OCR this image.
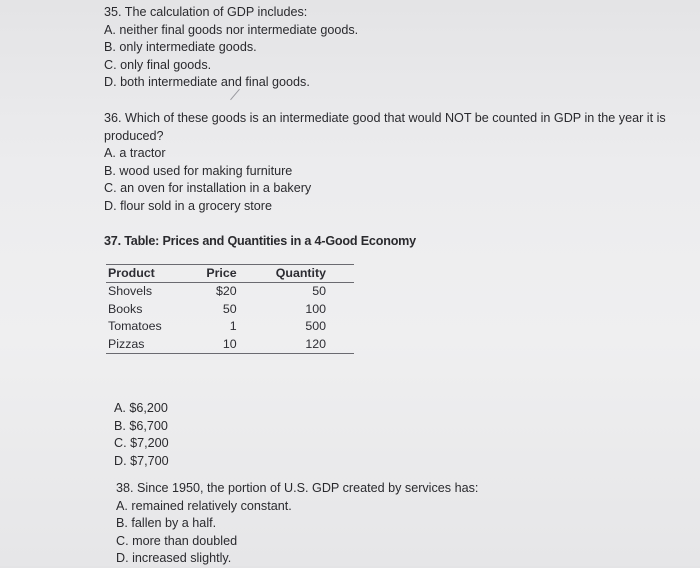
35. The calculation of GDP includes:
A. neither final goods nor intermediate goods.
B. only intermediate goods.
C. only final goods.
D. both intermediate and final goods.
36. Which of these goods is an intermediate good that would NOT be counted in GDP in the year it is produced?
A. a tractor
B. wood used for making furniture
C. an oven for installation in a bakery
D. flour sold in a grocery store
37. Table: Prices and Quantities in a 4-Good Economy
Product	Price	Quantity
Shovels	$20	50
Books	50	100
Tomatoes	1	500
Pizzas	10	120
A. $6,200
B. $6,700
C. $7,200
D. $7,700
38. Since 1950, the portion of U.S. GDP created by services has:
A. remained relatively constant.
B. fallen by a half.
C. more than doubled
D. increased slightly.
